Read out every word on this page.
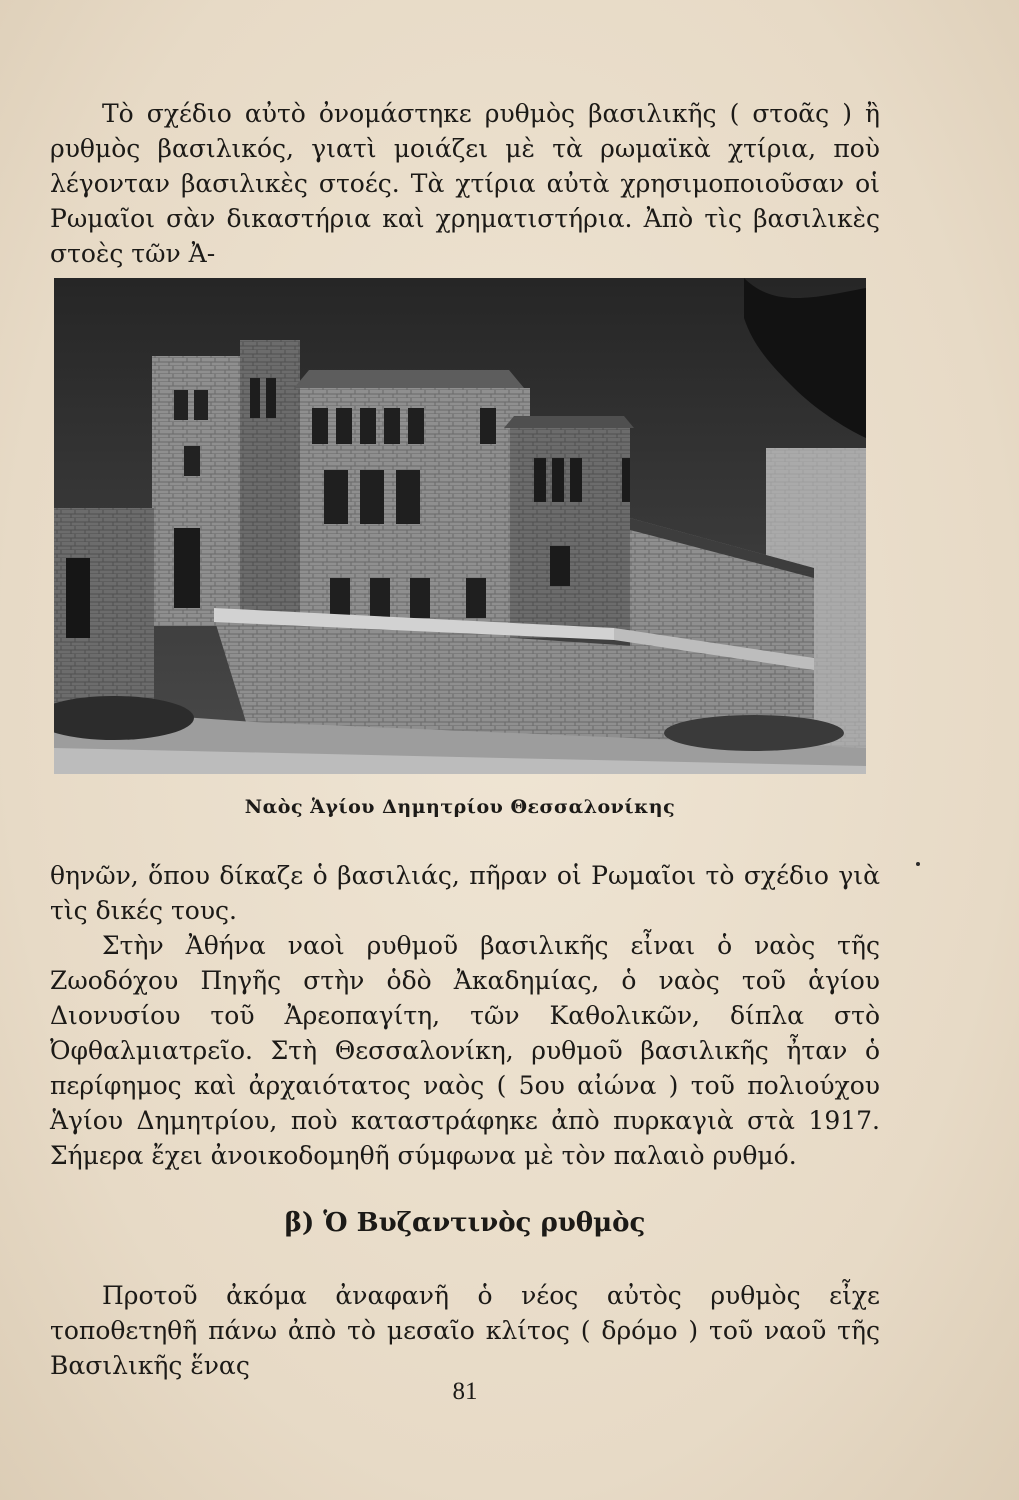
Τὸ σχέδιο αὐτὸ ὀνομάστηκε ρυθμὸς βασιλικῆς ( στοᾶς ) ἢ ρυθμὸς βασιλικός, γιατὶ μοιάζει μὲ τὰ ρωμαϊκὰ χτίρια, ποὺ λέγονταν βασιλικὲς στοές. Τὰ χτίρια αὐτὰ χρησιμοποιοῦσαν οἱ Ρωμαῖοι σὰν δικαστήρια καὶ χρηματιστήρια. Ἀπὸ τὶς βασιλικὲς στοὲς τῶν Ἀ-

Ναὸς Ἁγίου Δημητρίου Θεσσαλονίκης

θηνῶν, ὅπου δίκαζε ὁ βασιλιάς, πῆραν οἱ Ρωμαῖοι τὸ σχέδιο γιὰ τὶς δικές τους.

Στὴν Ἀθήνα ναοὶ ρυθμοῦ βασιλικῆς εἶναι ὁ ναὸς τῆς Ζωοδόχου Πηγῆς στὴν ὁδὸ Ἀκαδημίας, ὁ ναὸς τοῦ ἁγίου Διονυσίου τοῦ Ἀρεοπαγίτη, τῶν Καθολικῶν, δίπλα στὸ Ὀφθαλμιατρεῖο. Στὴ Θεσσαλονίκη, ρυθμοῦ βασιλικῆς ἦταν ὁ περίφημος καὶ ἀρχαιότατος ναὸς ( 5ου αἰώνα ) τοῦ πολιούχου Ἁγίου Δημητρίου, ποὺ καταστράφηκε ἀπὸ πυρκαγιὰ στὰ 1917. Σήμερα ἔχει ἀνοικοδομηθῆ σύμφωνα μὲ τὸν παλαιὸ ρυθμό.

β) Ὁ Βυζαντινὸς ρυθμὸς

Προτοῦ ἀκόμα ἀναφανῆ ὁ νέος αὐτὸς ρυθμὸς εἶχε τοποθετηθῆ πάνω ἀπὸ τὸ μεσαῖο κλίτος ( δρόμο ) τοῦ ναοῦ τῆς Βασιλικῆς ἕνας

81
